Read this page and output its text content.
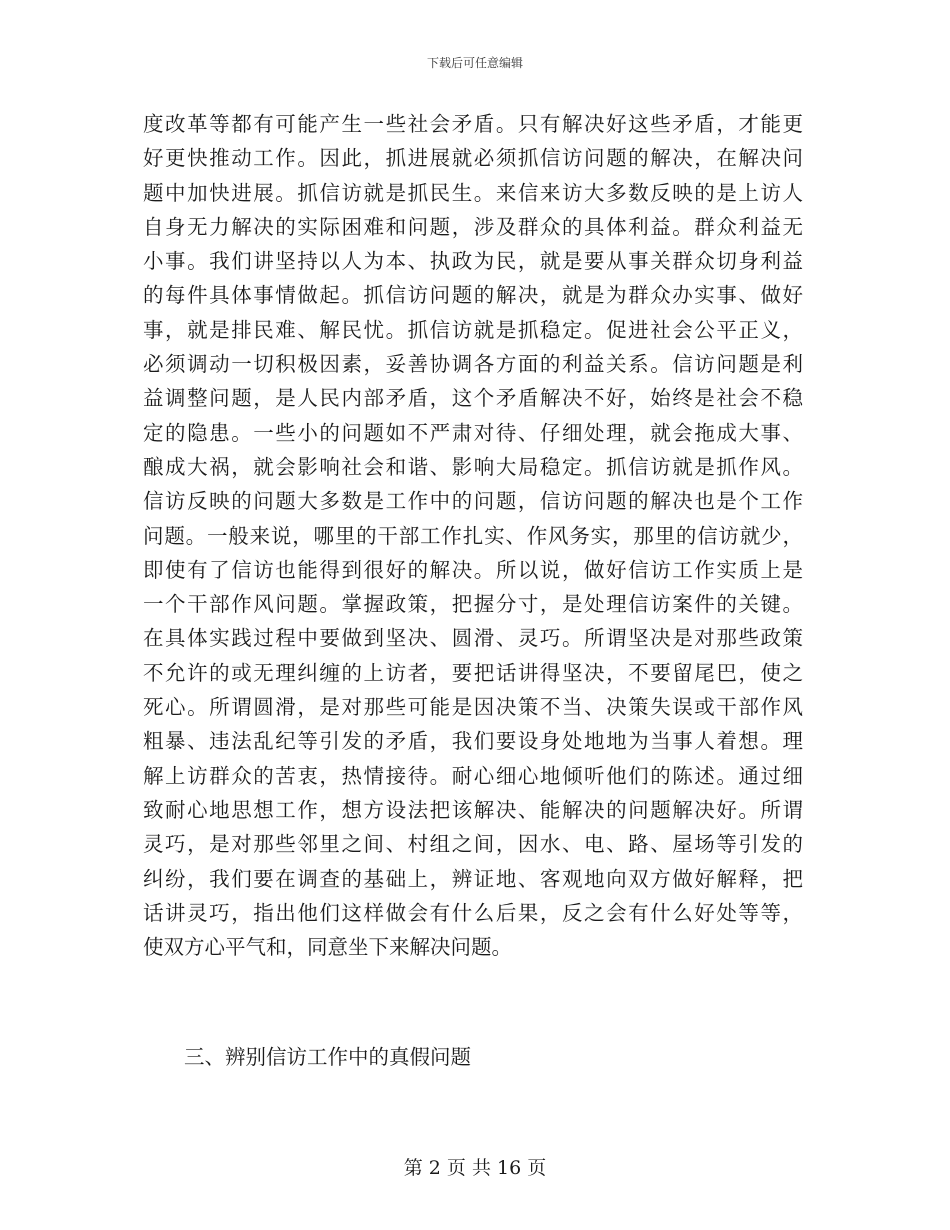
下载后可任意编辑
度改革等都有可能产生一些社会矛盾。只有解决好这些矛盾，才能更
好更快推动工作。因此，抓进展就必须抓信访问题的解决，在解决问
题中加快进展。抓信访就是抓民生。来信来访大多数反映的是上访人
自身无力解决的实际困难和问题，涉及群众的具体利益。群众利益无
小事。我们讲坚持以人为本、执政为民，就是要从事关群众切身利益
的每件具体事情做起。抓信访问题的解决，就是为群众办实事、做好
事，就是排民难、解民忧。抓信访就是抓稳定。促进社会公平正义，
必须调动一切积极因素，妥善协调各方面的利益关系。信访问题是利
益调整问题，是人民内部矛盾，这个矛盾解决不好，始终是社会不稳
定的隐患。一些小的问题如不严肃对待、仔细处理，就会拖成大事、
酿成大祸，就会影响社会和谐、影响大局稳定。抓信访就是抓作风。
信访反映的问题大多数是工作中的问题，信访问题的解决也是个工作
问题。一般来说，哪里的干部工作扎实、作风务实，那里的信访就少，
即使有了信访也能得到很好的解决。所以说，做好信访工作实质上是
一个干部作风问题。掌握政策，把握分寸，是处理信访案件的关键。
在具体实践过程中要做到坚决、圆滑、灵巧。所谓坚决是对那些政策
不允许的或无理纠缠的上访者，要把话讲得坚决，不要留尾巴，使之
死心。所谓圆滑，是对那些可能是因决策不当、决策失误或干部作风
粗暴、违法乱纪等引发的矛盾，我们要设身处地地为当事人着想。理
解上访群众的苦衷，热情接待。耐心细心地倾听他们的陈述。通过细
致耐心地思想工作，想方设法把该解决、能解决的问题解决好。所谓
灵巧，是对那些邻里之间、村组之间，因水、电、路、屋场等引发的
纠纷，我们要在调查的基础上，辨证地、客观地向双方做好解释，把
话讲灵巧，指出他们这样做会有什么后果，反之会有什么好处等等，
使双方心平气和，同意坐下来解决问题。
三、辨别信访工作中的真假问题
第 2 页 共 16 页
